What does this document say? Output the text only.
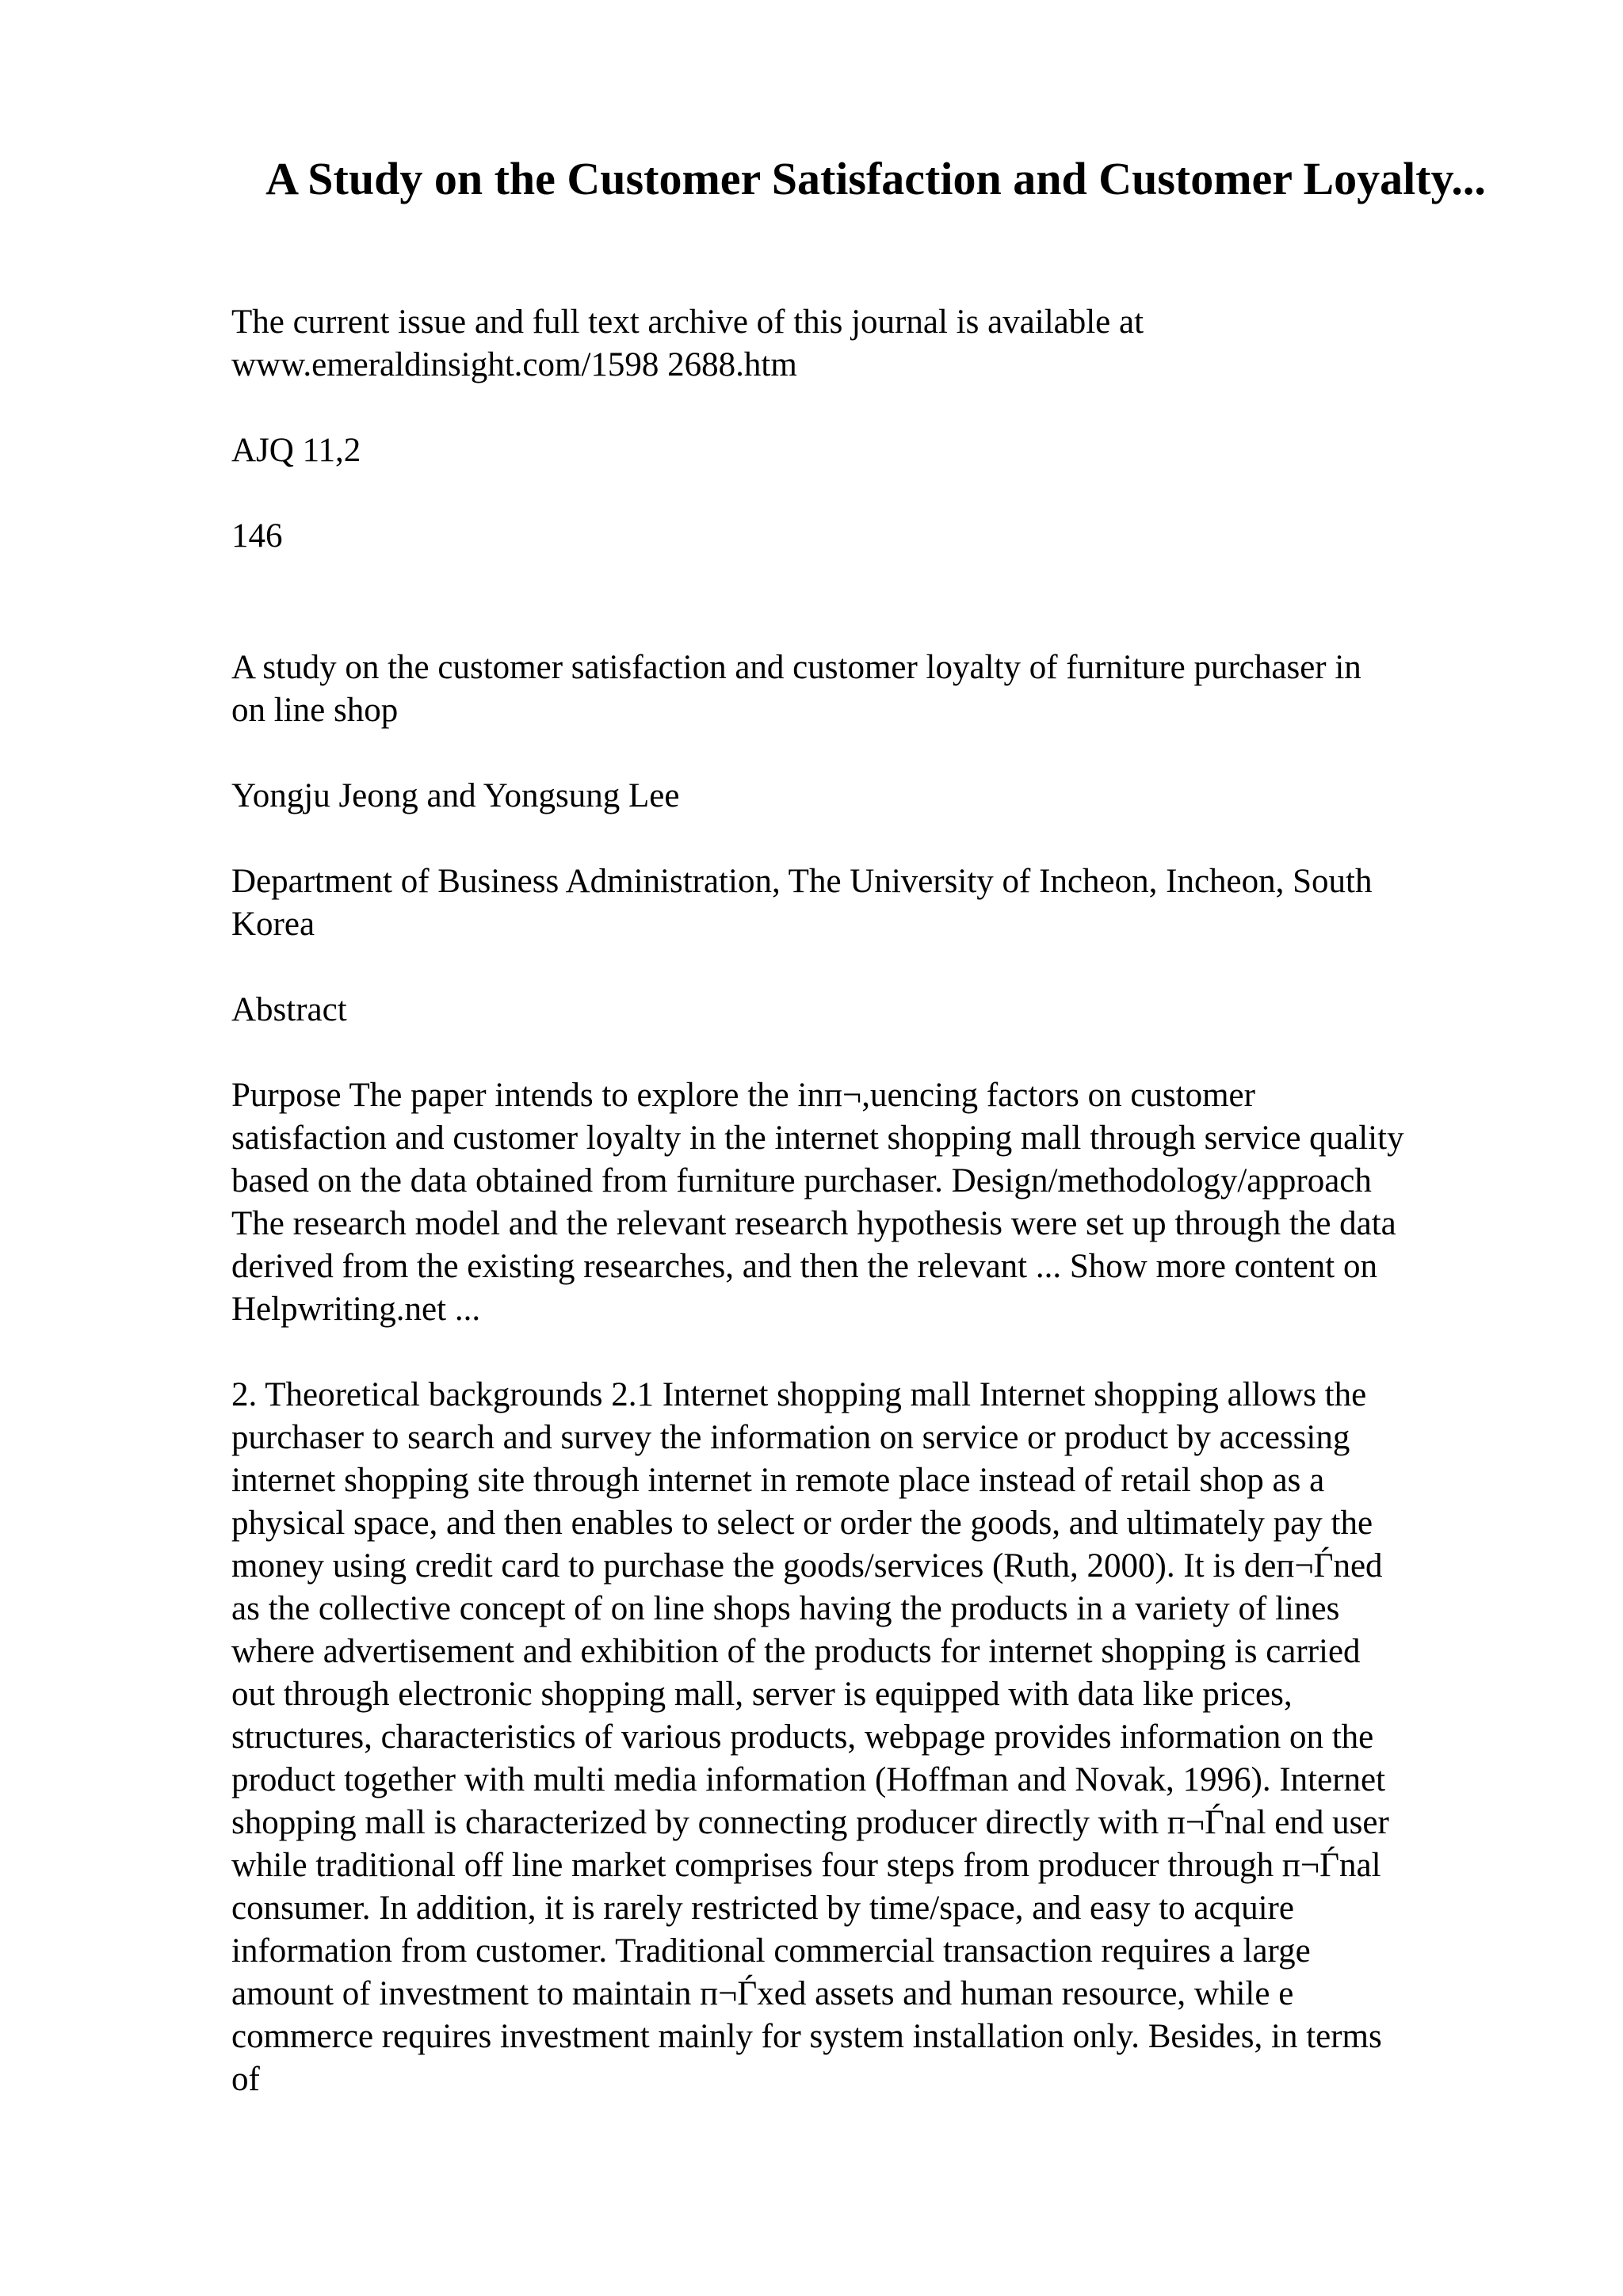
A Study on the Customer Satisfaction and Customer Loyalty...

The current issue and full text archive of this journal is available at
www.emeraldinsight.com/1598 2688.htm

AJQ 11,2

146

A study on the customer satisfaction and customer loyalty of furniture purchaser in
on line shop

Yongju Jeong and Yongsung Lee

Department of Business Administration, The University of Incheon, Incheon, South
Korea

Abstract

Purpose The paper intends to explore the inп¬,uencing factors on customer
satisfaction and customer loyalty in the internet shopping mall through service quality
based on the data obtained from furniture purchaser. Design/methodology/approach
The research model and the relevant research hypothesis were set up through the data
derived from the existing researches, and then the relevant ... Show more content on
Helpwriting.net ...

2. Theoretical backgrounds 2.1 Internet shopping mall Internet shopping allows the
purchaser to search and survey the information on service or product by accessing
internet shopping site through internet in remote place instead of retail shop as a
physical space, and then enables to select or order the goods, and ultimately pay the
money using credit card to purchase the goods/services (Ruth, 2000). It is deп¬Ѓned
as the collective concept of on line shops having the products in a variety of lines
where advertisement and exhibition of the products for internet shopping is carried
out through electronic shopping mall, server is equipped with data like prices,
structures, characteristics of various products, webpage provides information on the
product together with multi media information (Hoffman and Novak, 1996). Internet
shopping mall is characterized by connecting producer directly with п¬Ѓnal end user
while traditional off line market comprises four steps from producer through п¬Ѓnal
consumer. In addition, it is rarely restricted by time/space, and easy to acquire
information from customer. Traditional commercial transaction requires a large
amount of investment to maintain п¬Ѓxed assets and human resource, while e
commerce requires investment mainly for system installation only. Besides, in terms
of
